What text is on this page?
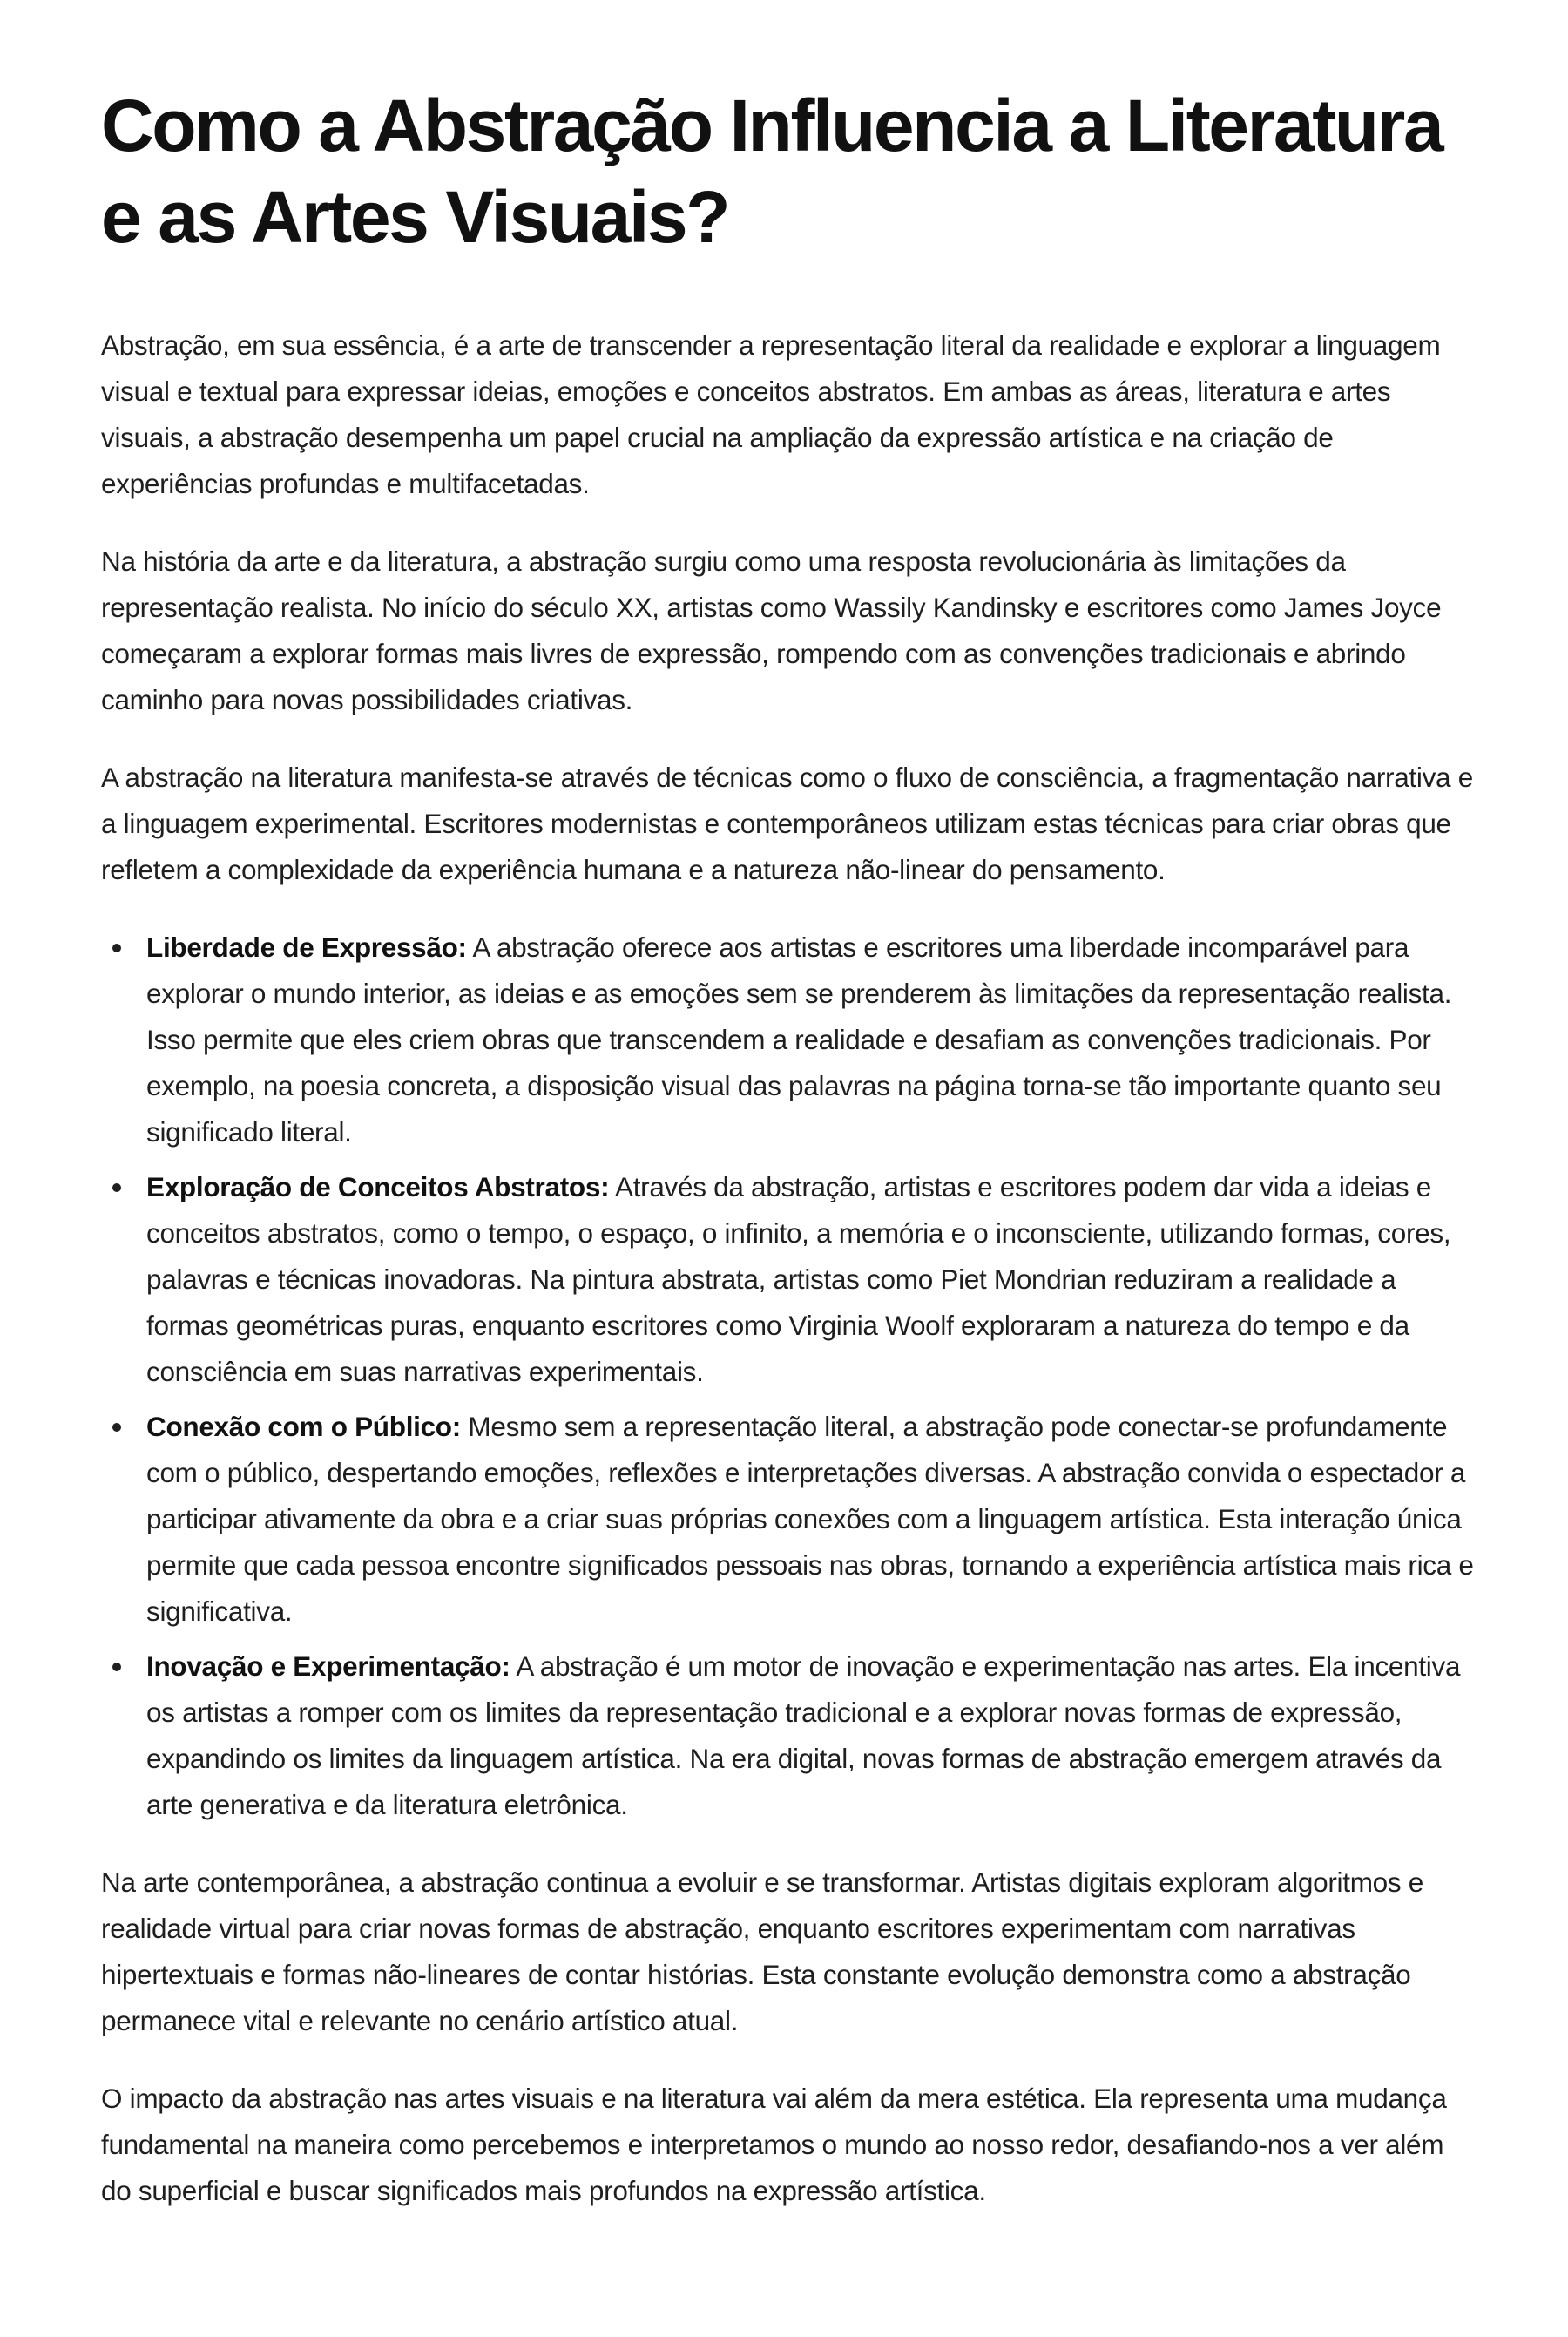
Como a Abstração Influencia a Literatura e as Artes Visuais?

Abstração, em sua essência, é a arte de transcender a representação literal da realidade e explorar a linguagem visual e textual para expressar ideias, emoções e conceitos abstratos. Em ambas as áreas, literatura e artes visuais, a abstração desempenha um papel crucial na ampliação da expressão artística e na criação de experiências profundas e multifacetadas.

Na história da arte e da literatura, a abstração surgiu como uma resposta revolucionária às limitações da representação realista. No início do século XX, artistas como Wassily Kandinsky e escritores como James Joyce começaram a explorar formas mais livres de expressão, rompendo com as convenções tradicionais e abrindo caminho para novas possibilidades criativas.

A abstração na literatura manifesta-se através de técnicas como o fluxo de consciência, a fragmentação narrativa e a linguagem experimental. Escritores modernistas e contemporâneos utilizam estas técnicas para criar obras que refletem a complexidade da experiência humana e a natureza não-linear do pensamento.

Liberdade de Expressão: A abstração oferece aos artistas e escritores uma liberdade incomparável para explorar o mundo interior, as ideias e as emoções sem se prenderem às limitações da representação realista. Isso permite que eles criem obras que transcendem a realidade e desafiam as convenções tradicionais. Por exemplo, na poesia concreta, a disposição visual das palavras na página torna-se tão importante quanto seu significado literal.
Exploração de Conceitos Abstratos: Através da abstração, artistas e escritores podem dar vida a ideias e conceitos abstratos, como o tempo, o espaço, o infinito, a memória e o inconsciente, utilizando formas, cores, palavras e técnicas inovadoras. Na pintura abstrata, artistas como Piet Mondrian reduziram a realidade a formas geométricas puras, enquanto escritores como Virginia Woolf exploraram a natureza do tempo e da consciência em suas narrativas experimentais.
Conexão com o Público: Mesmo sem a representação literal, a abstração pode conectar-se profundamente com o público, despertando emoções, reflexões e interpretações diversas. A abstração convida o espectador a participar ativamente da obra e a criar suas próprias conexões com a linguagem artística. Esta interação única permite que cada pessoa encontre significados pessoais nas obras, tornando a experiência artística mais rica e significativa.
Inovação e Experimentação: A abstração é um motor de inovação e experimentação nas artes. Ela incentiva os artistas a romper com os limites da representação tradicional e a explorar novas formas de expressão, expandindo os limites da linguagem artística. Na era digital, novas formas de abstração emergem através da arte generativa e da literatura eletrônica.

Na arte contemporânea, a abstração continua a evoluir e se transformar. Artistas digitais exploram algoritmos e realidade virtual para criar novas formas de abstração, enquanto escritores experimentam com narrativas hipertextuais e formas não-lineares de contar histórias. Esta constante evolução demonstra como a abstração permanece vital e relevante no cenário artístico atual.

O impacto da abstração nas artes visuais e na literatura vai além da mera estética. Ela representa uma mudança fundamental na maneira como percebemos e interpretamos o mundo ao nosso redor, desafiando-nos a ver além do superficial e buscar significados mais profundos na expressão artística.
